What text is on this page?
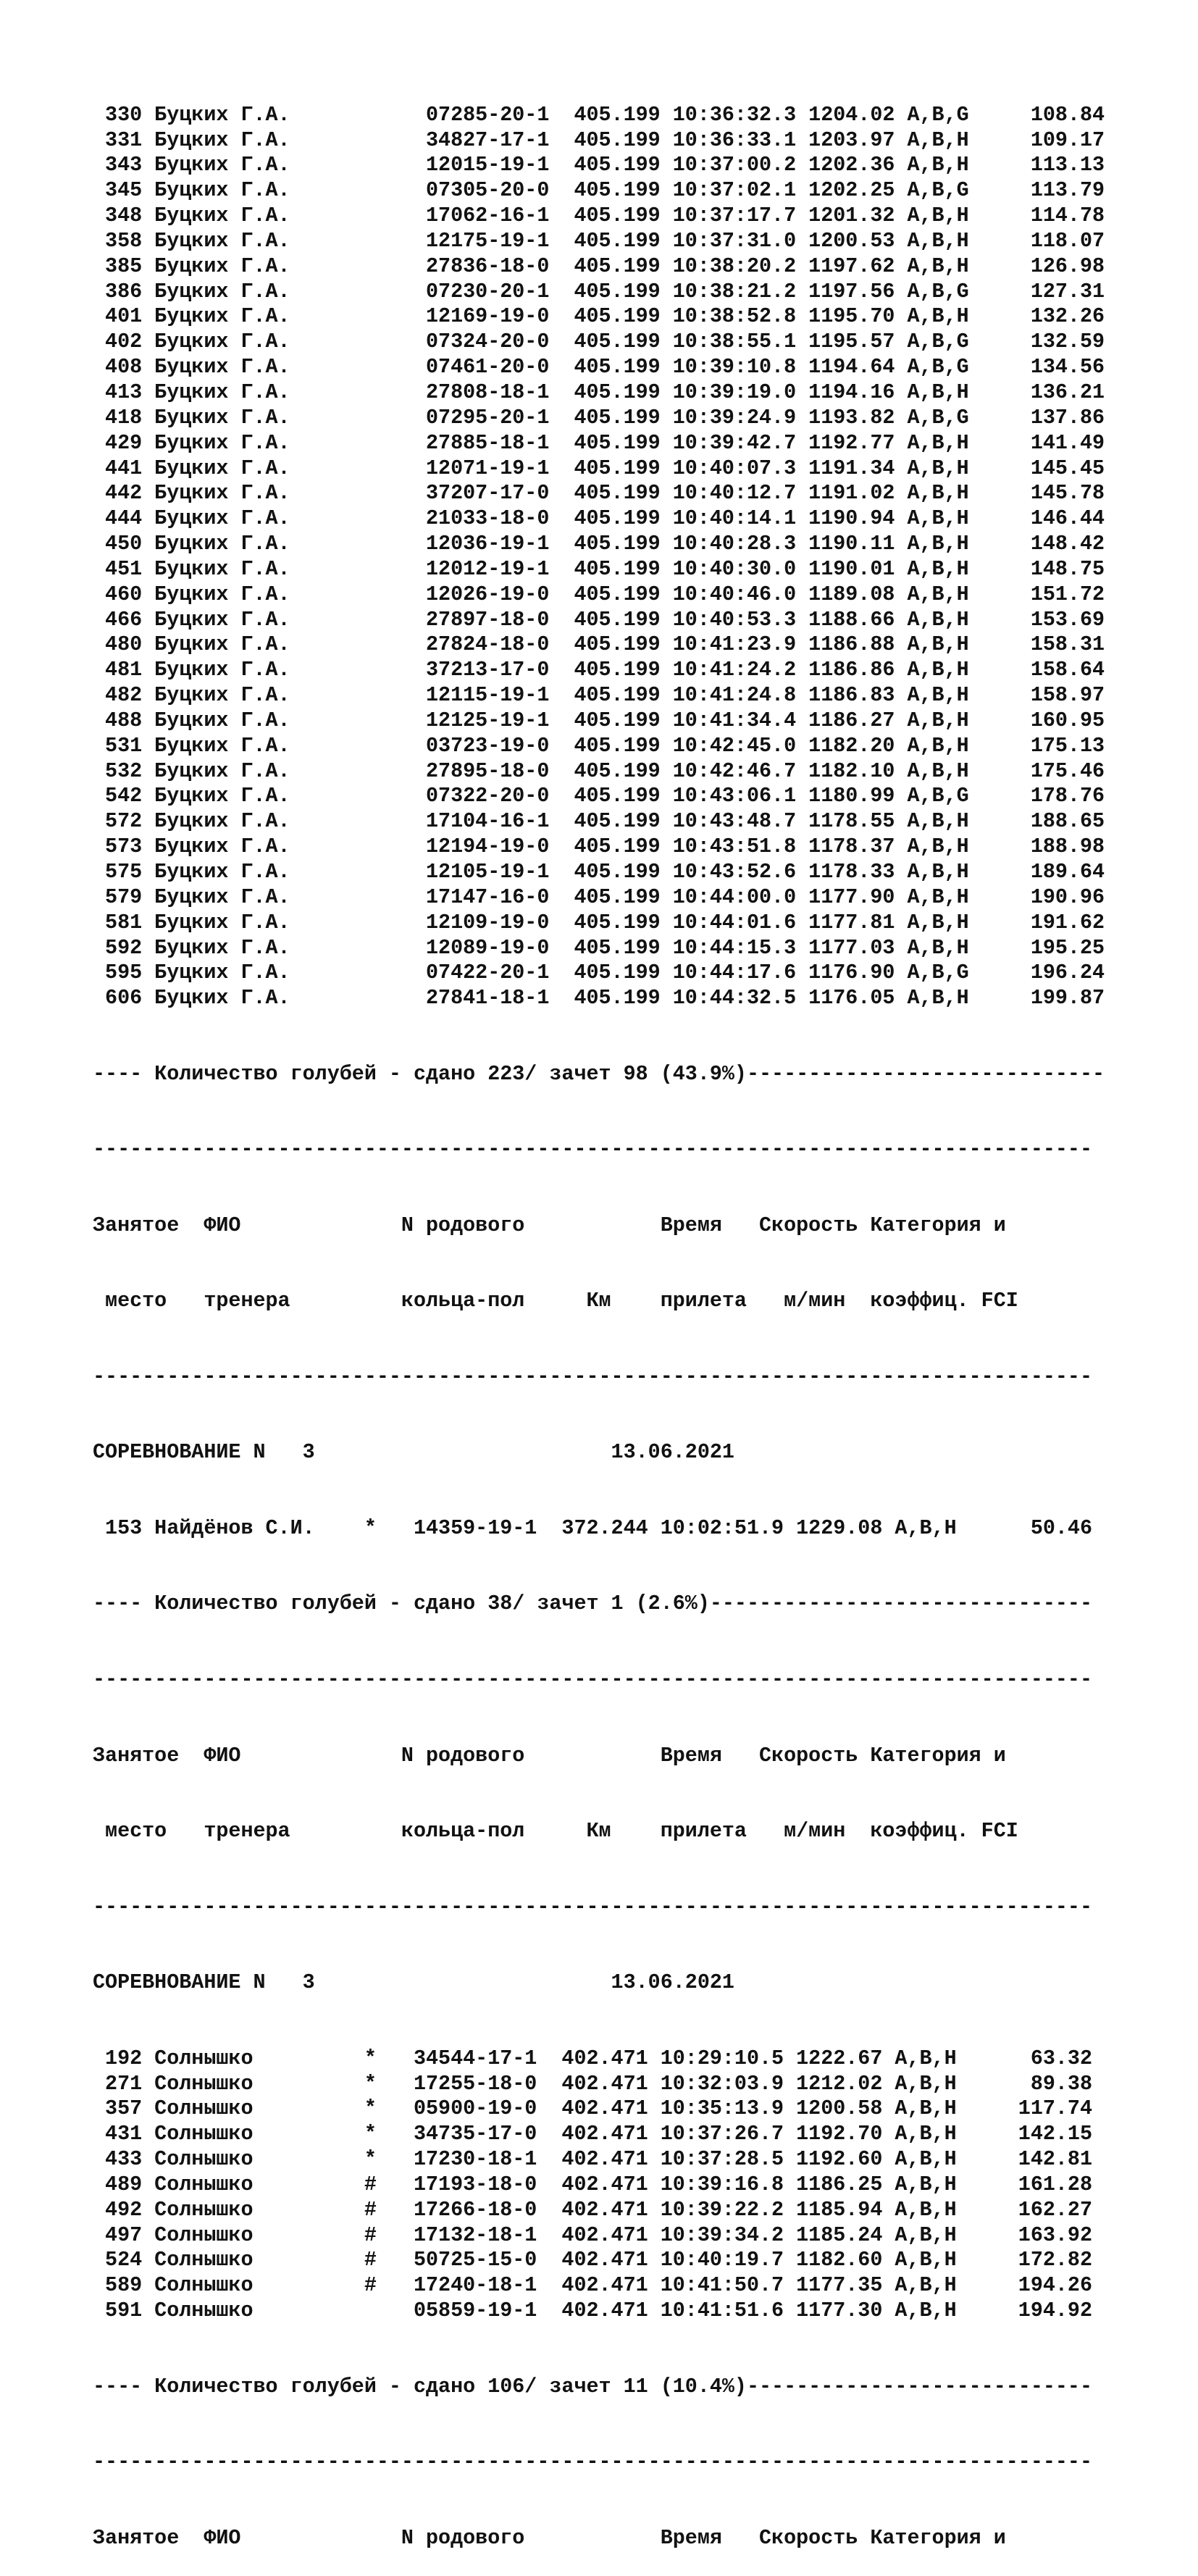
330 Буцких Г.А.           07285-20-1  405.199 10:36:32.3 1204.02 A,B,G     108.84
331 Буцких Г.А.           34827-17-1  405.199 10:36:33.1 1203.97 A,B,H     109.17
343 Буцких Г.А.           12015-19-1  405.199 10:37:00.2 1202.36 A,B,H     113.13
345 Буцких Г.А.           07305-20-0  405.199 10:37:02.1 1202.25 A,B,G     113.79
348 Буцких Г.А.           17062-16-1  405.199 10:37:17.7 1201.32 A,B,H     114.78
358 Буцких Г.А.           12175-19-1  405.199 10:37:31.0 1200.53 A,B,H     118.07
385 Буцких Г.А.           27836-18-0  405.199 10:38:20.2 1197.62 A,B,H     126.98
386 Буцких Г.А.           07230-20-1  405.199 10:38:21.2 1197.56 A,B,G     127.31
401 Буцких Г.А.           12169-19-0  405.199 10:38:52.8 1195.70 A,B,H     132.26
402 Буцких Г.А.           07324-20-0  405.199 10:38:55.1 1195.57 A,B,G     132.59
408 Буцких Г.А.           07461-20-0  405.199 10:39:10.8 1194.64 A,B,G     134.56
413 Буцких Г.А.           27808-18-1  405.199 10:39:19.0 1194.16 A,B,H     136.21
418 Буцких Г.А.           07295-20-1  405.199 10:39:24.9 1193.82 A,B,G     137.86
429 Буцких Г.А.           27885-18-1  405.199 10:39:42.7 1192.77 A,B,H     141.49
441 Буцких Г.А.           12071-19-1  405.199 10:40:07.3 1191.34 A,B,H     145.45
442 Буцких Г.А.           37207-17-0  405.199 10:40:12.7 1191.02 A,B,H     145.78
444 Буцких Г.А.           21033-18-0  405.199 10:40:14.1 1190.94 A,B,H     146.44
450 Буцких Г.А.           12036-19-1  405.199 10:40:28.3 1190.11 A,B,H     148.42
451 Буцких Г.А.           12012-19-1  405.199 10:40:30.0 1190.01 A,B,H     148.75
460 Буцких Г.А.           12026-19-0  405.199 10:40:46.0 1189.08 A,B,H     151.72
466 Буцких Г.А.           27897-18-0  405.199 10:40:53.3 1188.66 A,B,H     153.69
480 Буцких Г.А.           27824-18-0  405.199 10:41:23.9 1186.88 A,B,H     158.31
481 Буцких Г.А.           37213-17-0  405.199 10:41:24.2 1186.86 A,B,H     158.64
482 Буцких Г.А.           12115-19-1  405.199 10:41:24.8 1186.83 A,B,H     158.97
488 Буцких Г.А.           12125-19-1  405.199 10:41:34.4 1186.27 A,B,H     160.95
531 Буцких Г.А.           03723-19-0  405.199 10:42:45.0 1182.20 A,B,H     175.13
532 Буцких Г.А.           27895-18-0  405.199 10:42:46.7 1182.10 A,B,H     175.46
542 Буцких Г.А.           07322-20-0  405.199 10:43:06.1 1180.99 A,B,G     178.76
572 Буцких Г.А.           17104-16-1  405.199 10:43:48.7 1178.55 A,B,H     188.65
573 Буцких Г.А.           12194-19-0  405.199 10:43:51.8 1178.37 A,B,H     188.98
575 Буцких Г.А.           12105-19-1  405.199 10:43:52.6 1178.33 A,B,H     189.64
579 Буцких Г.А.           17147-16-0  405.199 10:44:00.0 1177.90 A,B,H     190.96
581 Буцких Г.А.           12109-19-0  405.199 10:44:01.6 1177.81 A,B,H     191.62
592 Буцких Г.А.           12089-19-0  405.199 10:44:15.3 1177.03 A,B,H     195.25
595 Буцких Г.А.           07422-20-1  405.199 10:44:17.6 1176.90 A,B,G     196.24
606 Буцких Г.А.           27841-18-1  405.199 10:44:32.5 1176.05 A,B,H     199.87

---- Количество голубей - сдано 223/ зачет 98 (43.9%)-----------------------------

---------------------------------------------------------------------------------

Занятое  ФИО             N родового           Время   Скорость Категория и

место   тренера         кольца-пол     Км    прилета   м/мин  коэффиц. FCI

---------------------------------------------------------------------------------

СОРЕВНОВАНИЕ N   3                        13.06.2021

153 Найдёнов С.И.    *   14359-19-1  372.244 10:02:51.9 1229.08 A,B,H      50.46

---- Количество голубей - сдано 38/ зачет 1 (2.6%)-------------------------------

---------------------------------------------------------------------------------

Занятое  ФИО             N родового           Время   Скорость Категория и

место   тренера         кольца-пол     Км    прилета   м/мин  коэффиц. FCI

---------------------------------------------------------------------------------

СОРЕВНОВАНИЕ N   3                        13.06.2021

192 Солнышко         *   34544-17-1  402.471 10:29:10.5 1222.67 A,B,H      63.32
271 Солнышко         *   17255-18-0  402.471 10:32:03.9 1212.02 A,B,H      89.38
357 Солнышко         *   05900-19-0  402.471 10:35:13.9 1200.58 A,B,H     117.74
431 Солнышко         *   34735-17-0  402.471 10:37:26.7 1192.70 A,B,H     142.15
433 Солнышко         *   17230-18-1  402.471 10:37:28.5 1192.60 A,B,H     142.81
489 Солнышко         #   17193-18-0  402.471 10:39:16.8 1186.25 A,B,H     161.28
492 Солнышко         #   17266-18-0  402.471 10:39:22.2 1185.94 A,B,H     162.27
497 Солнышко         #   17132-18-1  402.471 10:39:34.2 1185.24 A,B,H     163.92
524 Солнышко         #   50725-15-0  402.471 10:40:19.7 1182.60 A,B,H     172.82
589 Солнышко         #   17240-18-1  402.471 10:41:50.7 1177.35 A,B,H     194.26
591 Солнышко             05859-19-1  402.471 10:41:51.6 1177.30 A,B,H     194.92

---- Количество голубей - сдано 106/ зачет 11 (10.4%)----------------------------

---------------------------------------------------------------------------------

Занятое  ФИО             N родового           Время   Скорость Категория и
